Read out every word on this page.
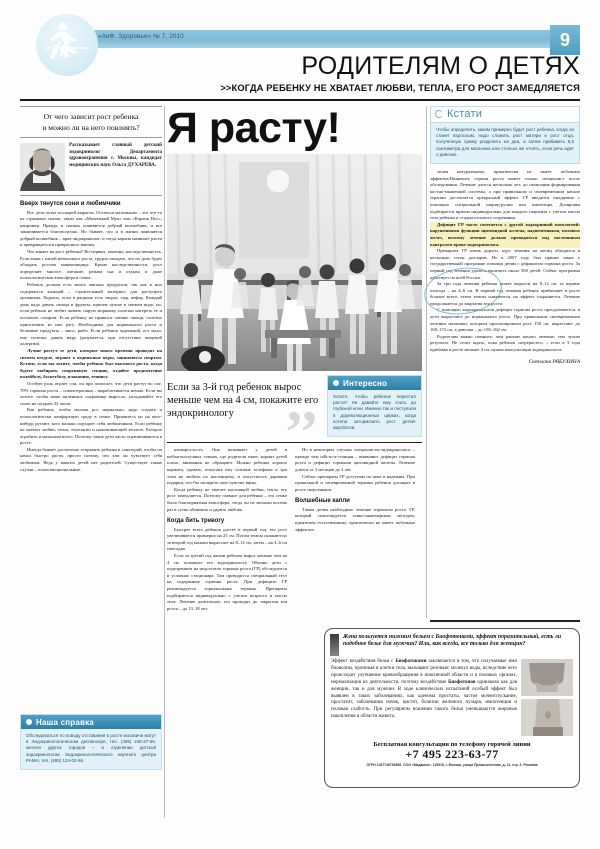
«АиФ. Здоровье» № 7, 2010	9
РОДИТЕЛЯМ О ДЕТЯХ
>>КОГДА РЕБЕНКУ НЕ ХВАТАЕТ ЛЮБВИ, ТЕПЛА, ЕГО РОСТ ЗАМЕДЛЯЕТСЯ
От чего зависит рост ребенка
и можно ли на него повлиять?
Рассказывает главный детский эндокринолог Департамента здравоохранения г. Москвы, кандидат медицинских наук Ольга ДУХАРЕВА.
Вверх тянутся сони и любимчики

Все дети хотят поскорей вырасти. Остаться маленьким – это что-то из страшных сказок, таких как «Маленький Мук» или «Карлик Нос», например. Правда, в сказках появляется добрый волшебник, и все заканчивается благополучно. Но бывает, что и в жизни появляется добрый волшебник – врач-эндокринолог, и тогда карлик начинает расти и превращается в прекрасного юношу.

Что влияет на рост ребенка? Во-первых, конечно, наследственность. Если мама с папой невысокого роста, трудно ожидать, что их дочь будет обладать ростом манекенщицы. Кроме наследственности, рост определяет многое: питание, режим сна и отдыха и даже психологическая атмосфера в семье.

Ребенок должен есть много мясных продуктов, так как в них содержится кальций – строительный материал для растущего организма. Хорошо, если в рационе есть творог, сыр, кефир. Каждый день надо давать овощи и фрукты, причем лучше в свежем виде, но, если ребенок не любит жевать сырую морковку, полезно натереть ее и посыпать сахаром. Если ребенку не нравятся свежие овощи, полезно приготовить из них рагу. Необходимы для нормального роста и белковые продукты – мясо, рыба. Если ребенок худенький, ест мало, ему полезно давать икру (разумеется, при отсутствии пищевой аллергии).

Лучше растут те дети, которые много времени проводят на свежем воздухе, играют в подвижные игры, занимаются спортом. Кстати, если вы хотите, чтобы ребенок был высокого роста, когда будете выбирать спортивную секцию, отдайте предпочтение волейболу, баскетболу, плаванию, теннису.

Особую роль играет сон, он при помогает, что дети растут во сне. 70% гормона роста – соматотропина – вырабатывается ночью. Если вы хотите, чтобы ваше маленькое сокровище выросло, укладывайте его спать не позднее 22 часов.

Как ребенок, чтобы малыш рос нормально, надо создать и психологически комфортную среду в семье. Прижитесь но на кого-нибудь ругают, кого малыш ощущает себя любимчиком. Если ребенку не хватает любви, тепла, телепатии и напоминающей теплоте. Которое ограбить и малышам всего. Поэтому такие дети часто ограничиваются в росте.

Иногда бывает достаточно отправить ребенка в санаторий, чтобы он начал быстро расти, просто потому, что там он чувствует себя любимым. Ведь у многих детей нет родителей. Существует также случаи – психоэмоциональные.

Наша справка
Обследоваться по поводу отставания в росте москвичи могут в Эндокринологическом диспансере, тел. (499) 246-27-66, жители других городов – в отделении детской эндокринологии Эндокринологического научного центра РАМН, тел. (495) 124-02-66.
Я расту!
,,
Если за 3-й год ребенок вырос меньше чем на 4 см, покажите его эндокринологу
Интересно
Хотите, чтобы ребенок перестал расти? Не давайте ему спать до глубокой ночи. Именно так и поступали в дореволюционных цирках, когда хотели затормозить рост детей-акробатов.

низкорослость. Она возникает у детей в неблагополучных семьях, где родители пьют, кормят детей плохо, внимания не обращают. Можно ребенка хорошо кормить, одевать, покупать ему сотовые телефоны и три этом не любить по настоящему, и отпустилось даривши подарки, что-бы заглядеть свое чувство вины.

Когда ребенку не хватает настоящей любви, тепла, его рост замедляется. Поэтому главное для ребенка – это семье была благоприятная атмосфера, тогда он не мешали восемь раз в сутки обнимать и дарить любовь.

Когда бить тревогу

Быстрее всего ребенок растет в первый год: его рост увеличивается примерно на 25 см. Потом темпы снижаются: за второй год малыш вырастает на 8–12 см, затем – на 4–6 см ежегодно.

Если за третий год жизни ребенок вырос меньше чем на 4 см, покажите его эндокринологу. Обычно дети с подозрением на недостаток гормона роста (ГР) обследуются в условиях стационара. Там проводится специальный тест на содержание гормона роста. При дефиците ГР рекомендуется гормональная терапия. Препараты подбираются индивидуально с учетом возраста и массы тела. Лечение длительное, его проводят до закрытия зон роста – до 13–18 лет.

Но в некоторых случаях специалисты-эндокринологи – прежде чем talk-to-a-станция – выявляют дефицит гормона роста и дефицит гормонов щитовидной железы. Лечение длится от 3 месяцев до 2 лет.

Сейчас препараты ГР доступны по цене и надежны. При правильной и своевременной терапии ребенок догоняет в росте сверстников.

Волшебные капли

Таким детям необходимо лечение гормоном роста. ГР, который синтезируется генно-инженерным методом, идентичен естественному, практически не имеет побочных эффектов.

Кстати
Чтобы определить, каким примерно будет рост ребенка, когда он станет взрослым, надо сложить рост матери и рост отца, полученную сумму разделить на два, а затем прибавить 6,5 сантиметра для мальчика или столько же отнять, если речь идет о девочке.

тичен натуральному, практически не имеет побочных эффектов.Назначить гормон роста может только специалист после обследования. Лечение длится несколько лет, до окончания формирования костно-мышечной системы, а при правильном и своевременном начале терапии достигается прекрасный эффект. ГР вводится ежедневно с помощью специальной шприц-ручки или инъектора. Дозировка подбирается врачом индивидуально для каждого пациента с учетом массы тела ребенка и стадии полового созревания.

Дефицит ГР часто сочетается с другой эндокринной патологией: нарушениями функции щитовидной железы, надпочечников, половых желез, поэтому лечение должно проводиться под постоянным контролем врача-эндокринолога.

Препараты ГР очень дороги, курс лечения на месяц обходится в несколько сотен долларов. Но в 2007 году был принят закон о государственной программе помощи детям с дефицитом гормона роста. За первый год лечения удалось вылечить около 500 детей. Сейчас программа действует по всей России.

За три года лечения ребенок может вырасти на 8–12 см, за первые полгода – на 4–6 см. В первый год лечения ребенок прибавляет в росте больше всего, затем темпы снижаются, но эффект сохраняется. Лечение продолжается до закрытия зон роста.

С помощью эндокринологов дефицит гормона роста преодолевается, и дети вырастают до нормального роста. При правильном своевременном лечении мальчики, которым прогнозировали рост 150 см, вырастают до 168–172 см, а девочки – до 158–162 см.

Родителям важно помнить: чем раньше начато лечение, тем лучше результат. Не стоит ждать, пока ребенок «перерастет» – если в 3 года прибавка в росте меньше 4 см, нужна консультация эндокринолога.

Светлана РЯБУХИНА
Жена пользуется нижним бельем с Биофотонами, эффект поразительный, есть ли подобное белье для мужчин? Или, как всегда, все только для женщин?
Эффект воздействия белья с Биофотонами заключается в том, что излучаемые ими биоволны, проникая в клетки тела, вызывают резонанс молекул воды, вследствие чего происходит улучшение кровообращения в поясничной области и в половых органах, нормализация их деятельности, поэтому воздействие Биофотонов одинаково как для женщин, так и для мужчин. В ходе клинических испытаний особый эффект был выявлен в таких заболеваниях, как аденома простаты, частое мочеиспускание, простатит, заболевания почек, цистит, болезни желчного пузыря, импотенция и половая слабость. При регулярном ношении такого белья уменьшаются жировые накопления в области живота.
Бесплатная консультация по телефону горячей линии
+7 495 223-63-77
ОГРН 1067746754995. ООО «Маджико», 115516, г. Москва, улица Промышленная, д. 11, стр. 3. Реклама
